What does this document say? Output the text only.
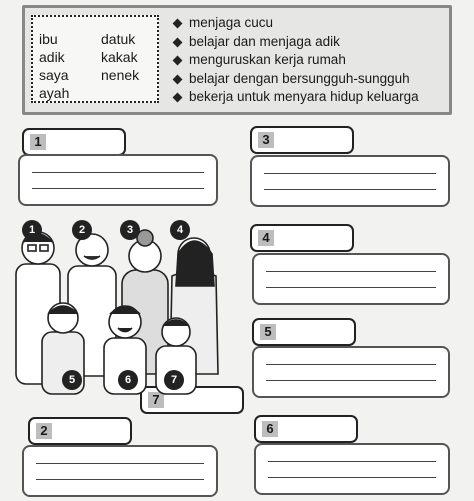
ibu	datuk
adik	kakak
saya nenek
ayah
menjaga cucu
belajar dan menjaga adik
menguruskan kerja rumah
belajar dengan bersungguh-sungguh
bekerja untuk menyara hidup keluarga
1	3
4
5
7
2	6
1	2	3	4
5	6	7
